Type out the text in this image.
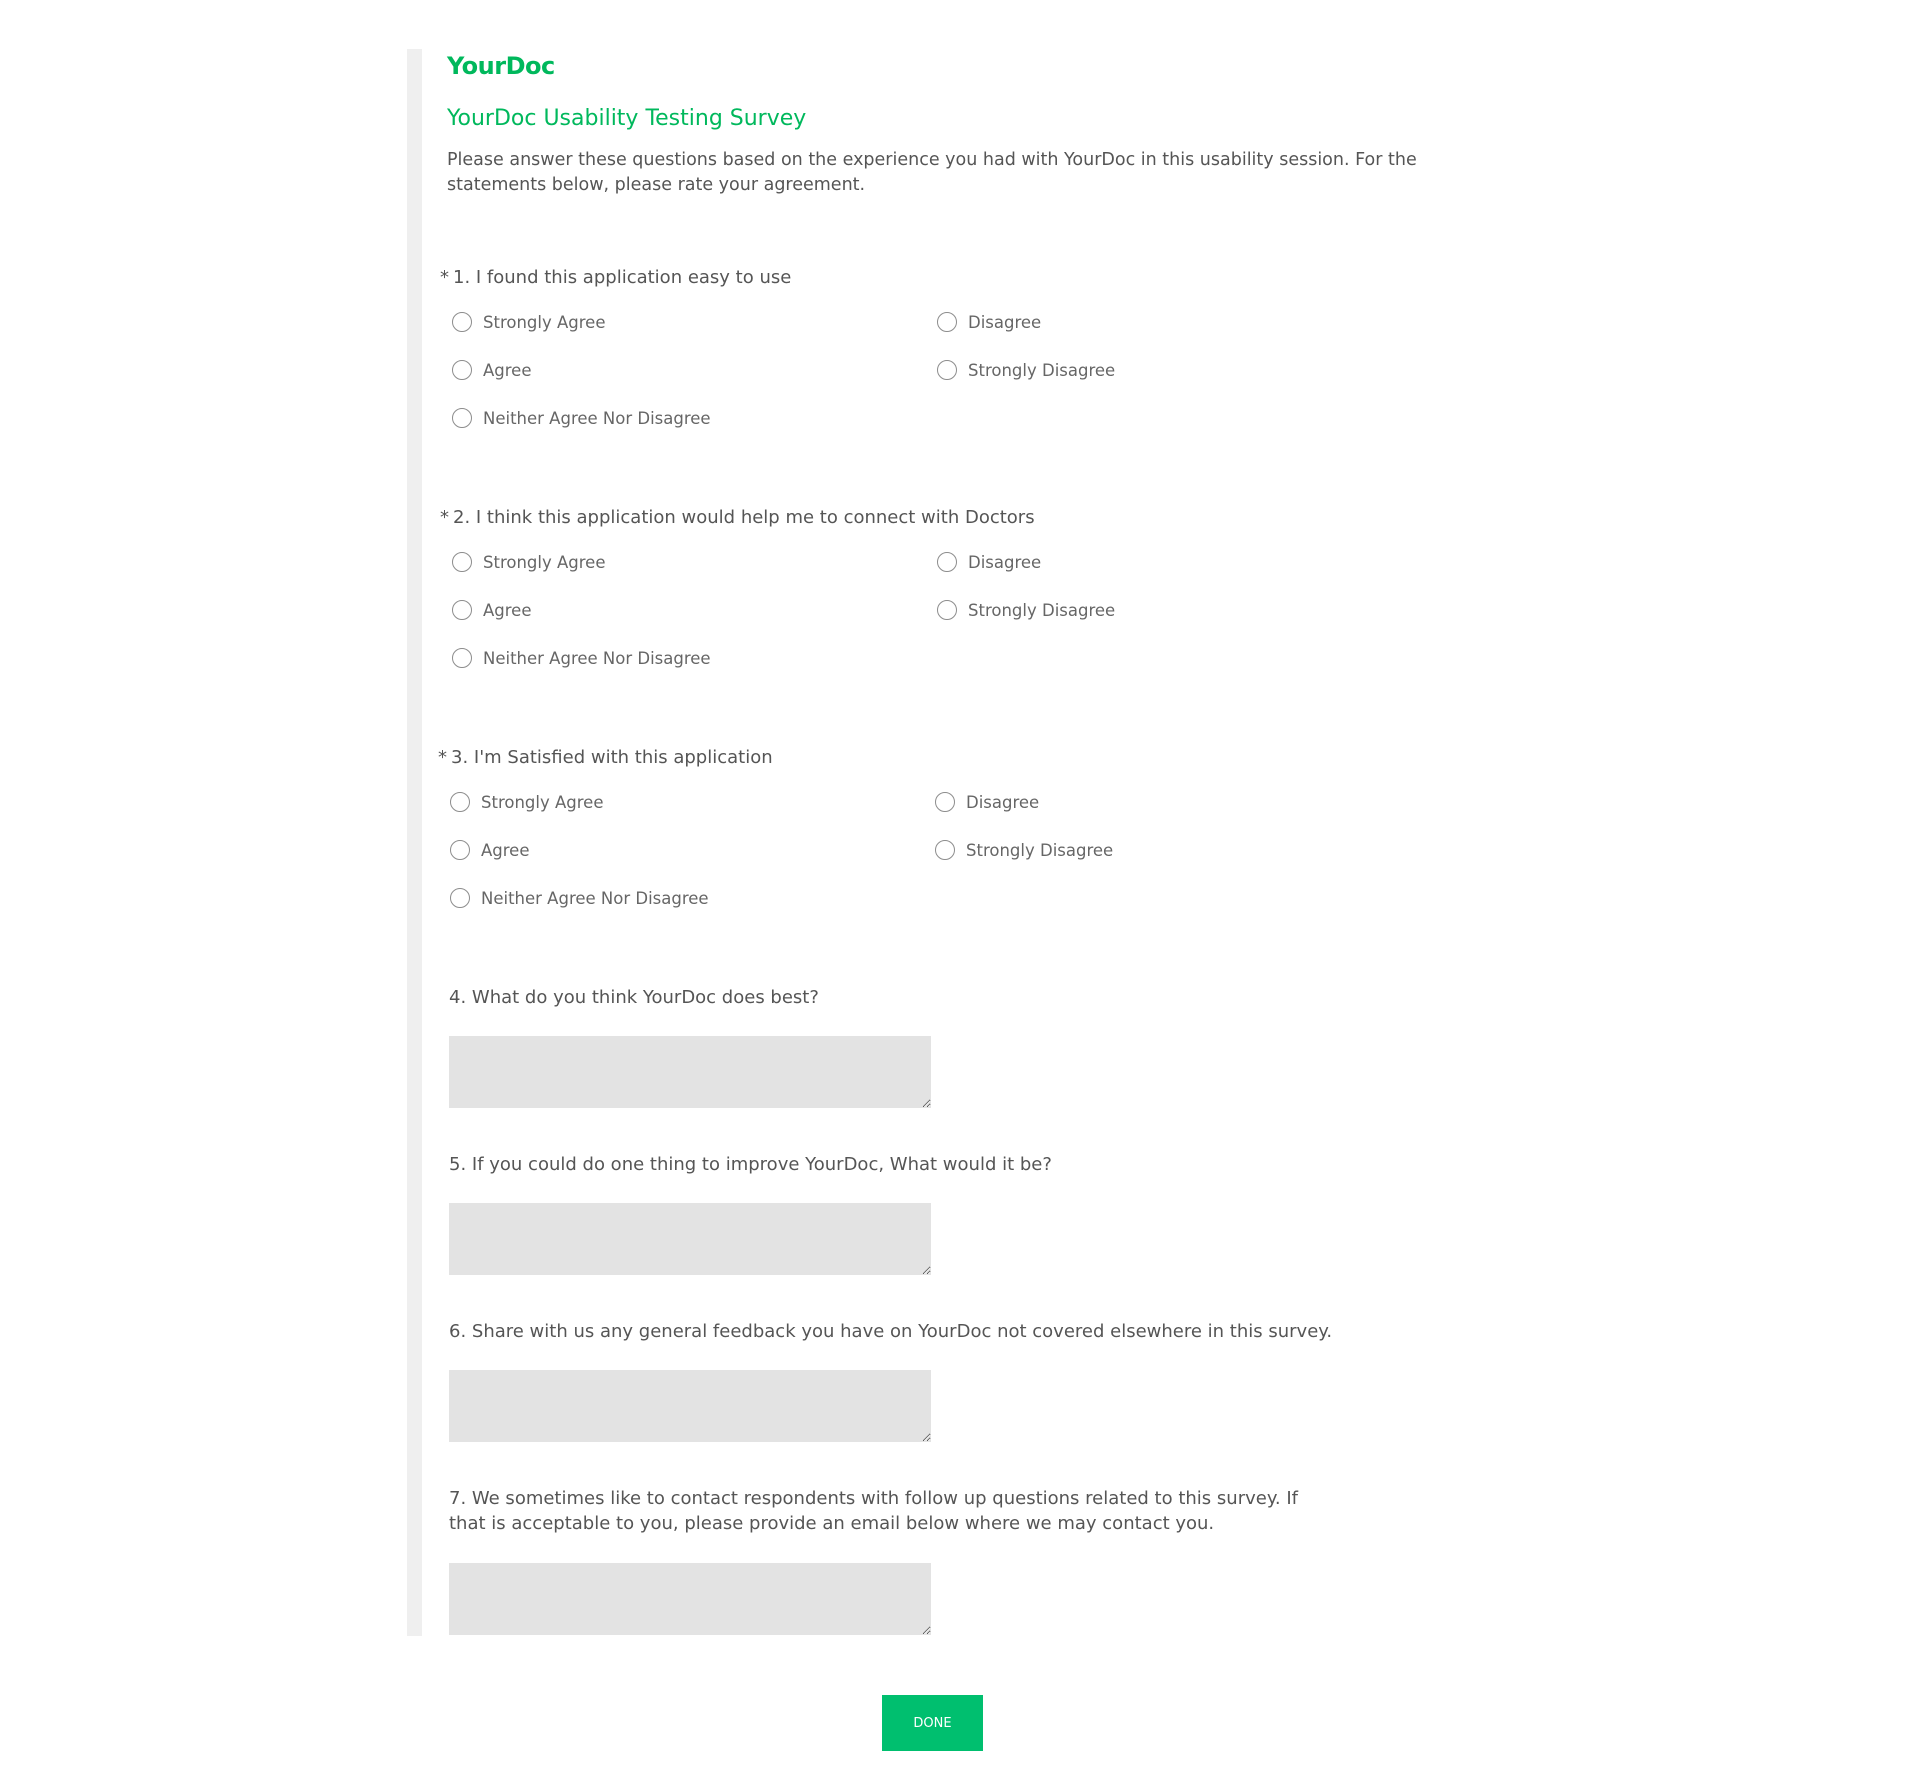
YourDoc
YourDoc Usability Testing Survey
Please answer these questions based on the experience you had with YourDoc in this usability session. For the statements below, please rate your agreement.
* 1. I found this application easy to use
Strongly Agree
Agree
Neither Agree Nor Disagree
Disagree
Strongly Disagree
* 2. I think this application would help me to connect with Doctors
Strongly Agree
Agree
Neither Agree Nor Disagree
Disagree
Strongly Disagree
* 3. I'm Satisfied with this application
Strongly Agree
Agree
Neither Agree Nor Disagree
Disagree
Strongly Disagree
4. What do you think YourDoc does best?
5. If you could do one thing to improve YourDoc, What would it be?
6. Share with us any general feedback you have on YourDoc not covered elsewhere in this survey.
7. We sometimes like to contact respondents with follow up questions related to this survey. If that is acceptable to you, please provide an email below where we may contact you.
DONE
